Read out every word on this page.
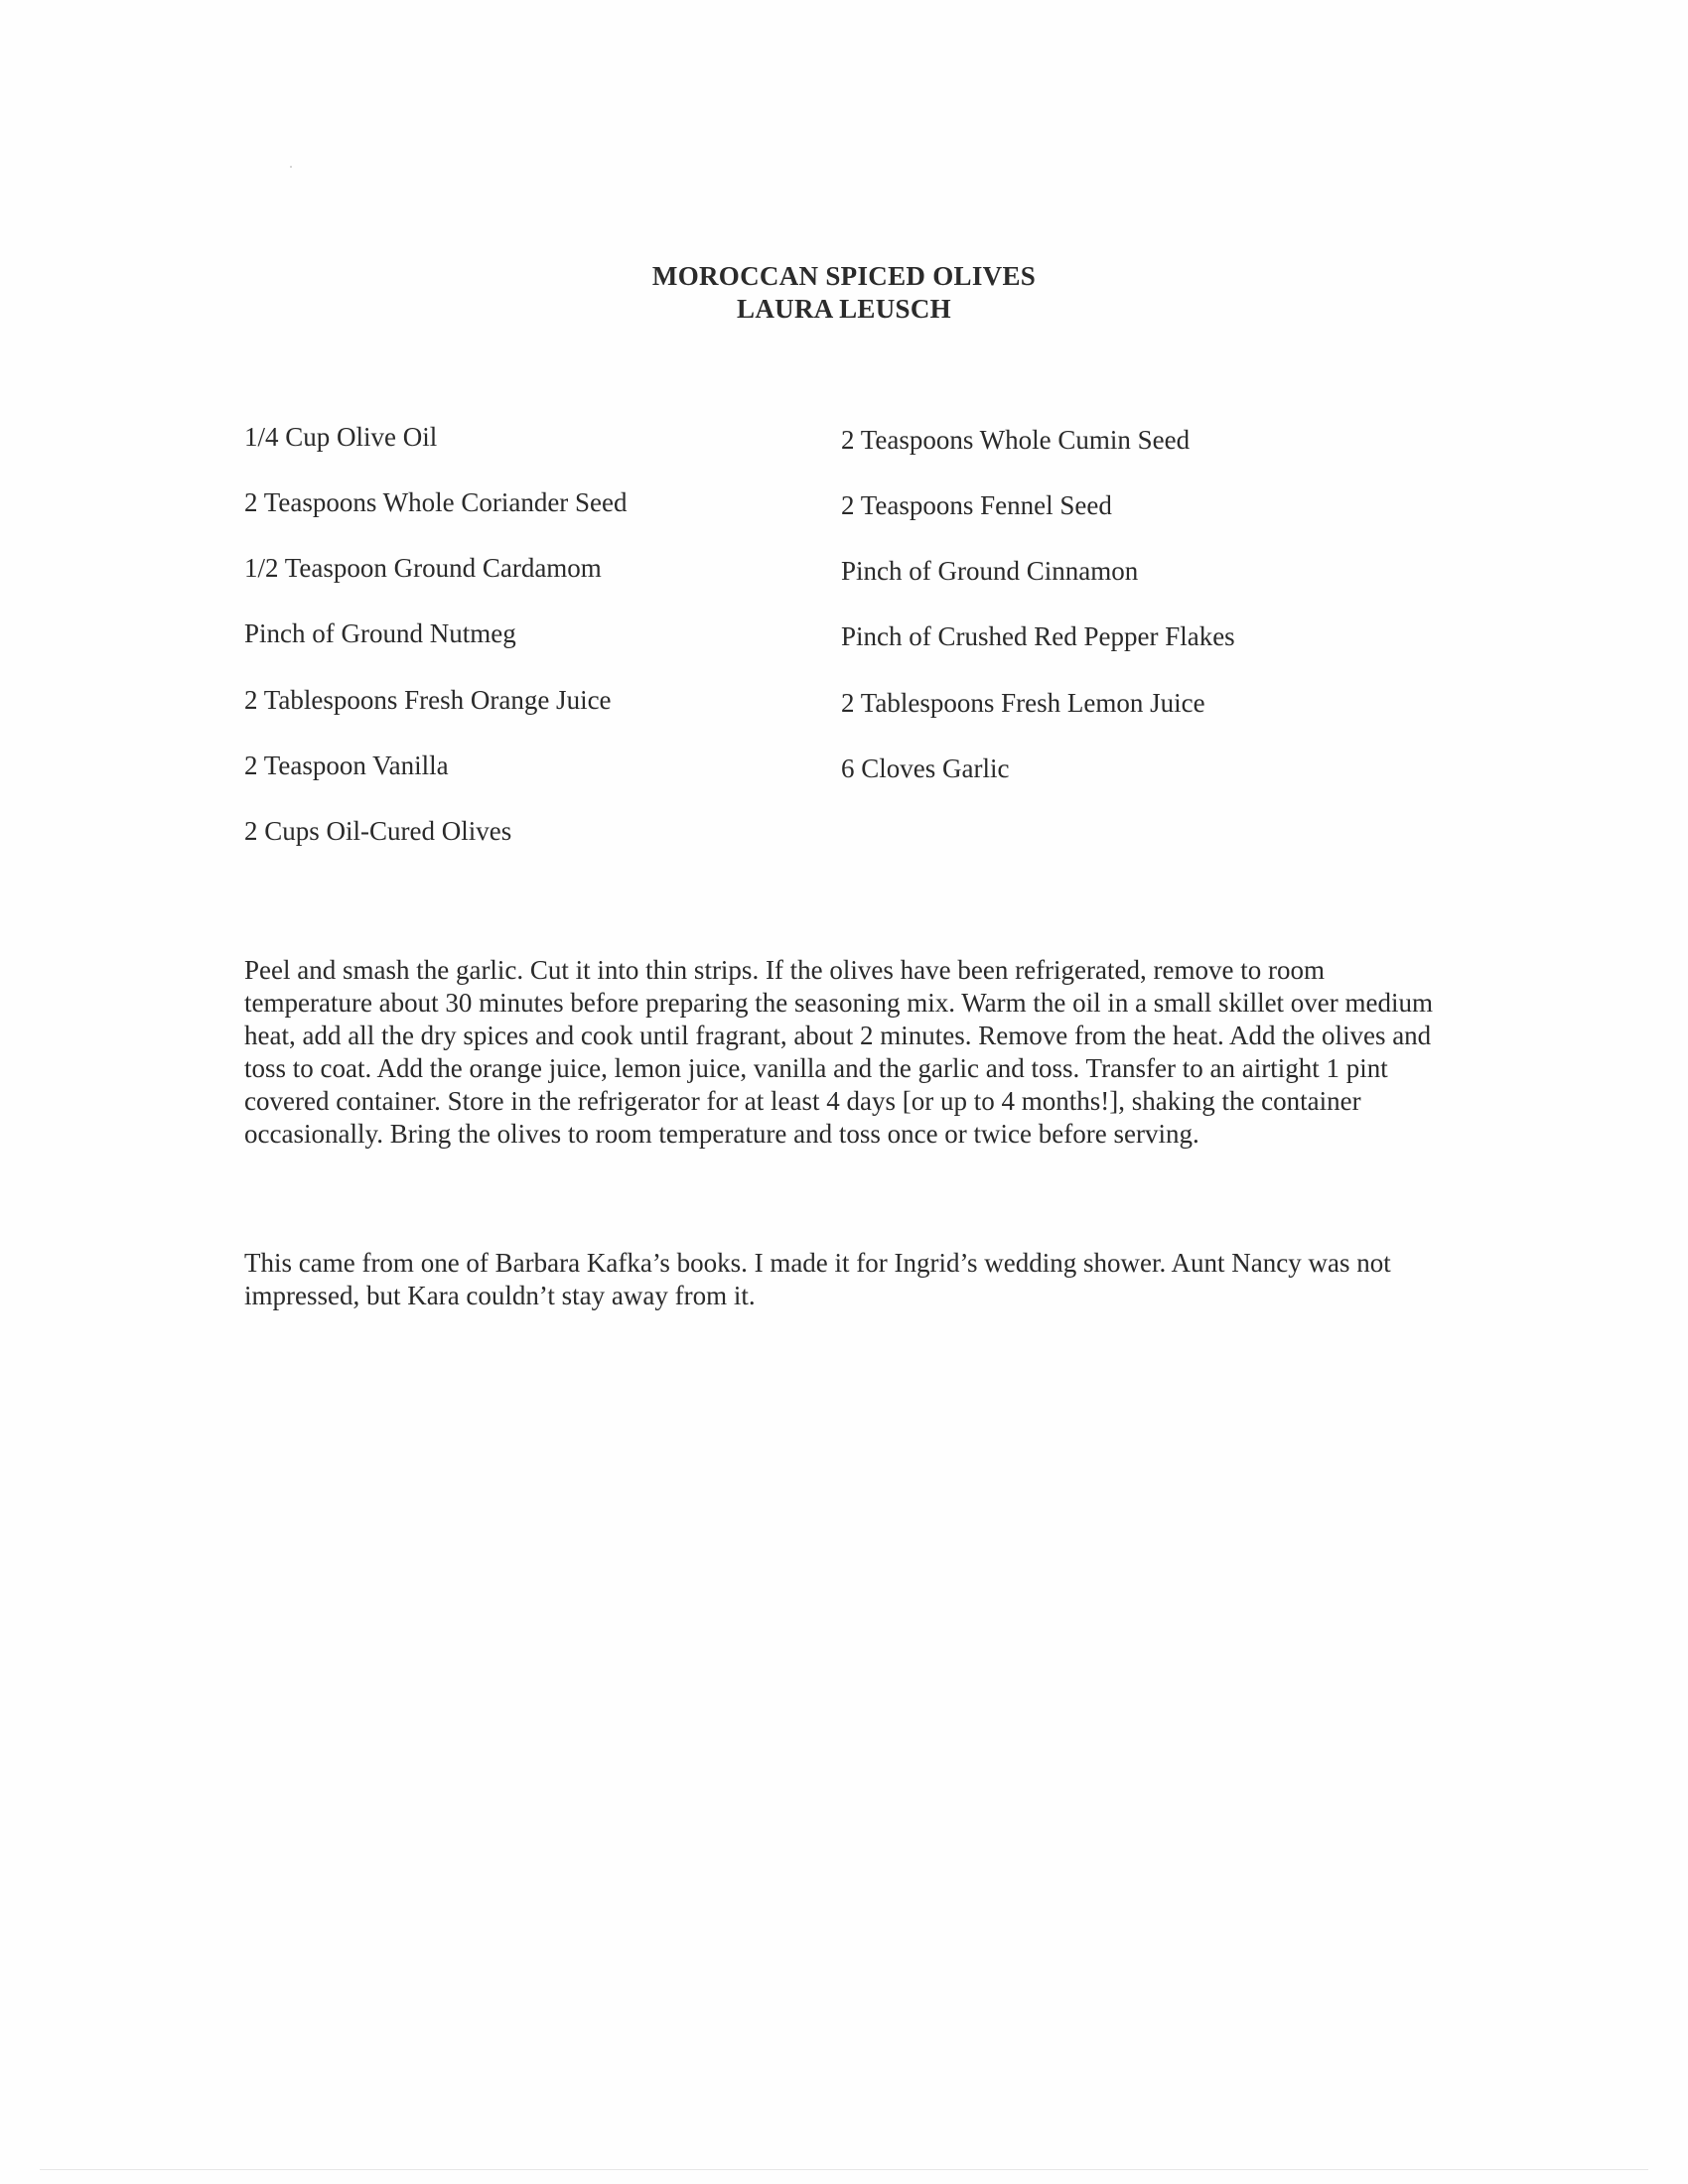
MOROCCAN SPICED OLIVES
LAURA LEUSCH
1/4 Cup Olive Oil
2 Teaspoons Whole Coriander Seed
1/2 Teaspoon Ground Cardamom
Pinch of Ground Nutmeg
2 Tablespoons Fresh Orange Juice
2 Teaspoon Vanilla
2 Cups Oil-Cured Olives
2 Teaspoons Whole Cumin Seed
2 Teaspoons Fennel Seed
Pinch of Ground Cinnamon
Pinch of Crushed Red Pepper Flakes
2 Tablespoons Fresh Lemon Juice
6 Cloves Garlic

Peel and smash the garlic. Cut it into thin strips. If the olives have been refrigerated, remove to room temperature about 30 minutes before preparing the seasoning mix. Warm the oil in a small skillet over medium heat, add all the dry spices and cook until fragrant, about 2 minutes. Remove from the heat. Add the olives and toss to coat. Add the orange juice, lemon juice, vanilla and the garlic and toss. Transfer to an airtight 1 pint covered container. Store in the refrigerator for at least 4 days [or up to 4 months!], shaking the container occasionally. Bring the olives to room temperature and toss once or twice before serving.

This came from one of Barbara Kafka’s books. I made it for Ingrid’s wedding shower. Aunt Nancy was not impressed, but Kara couldn’t stay away from it.
